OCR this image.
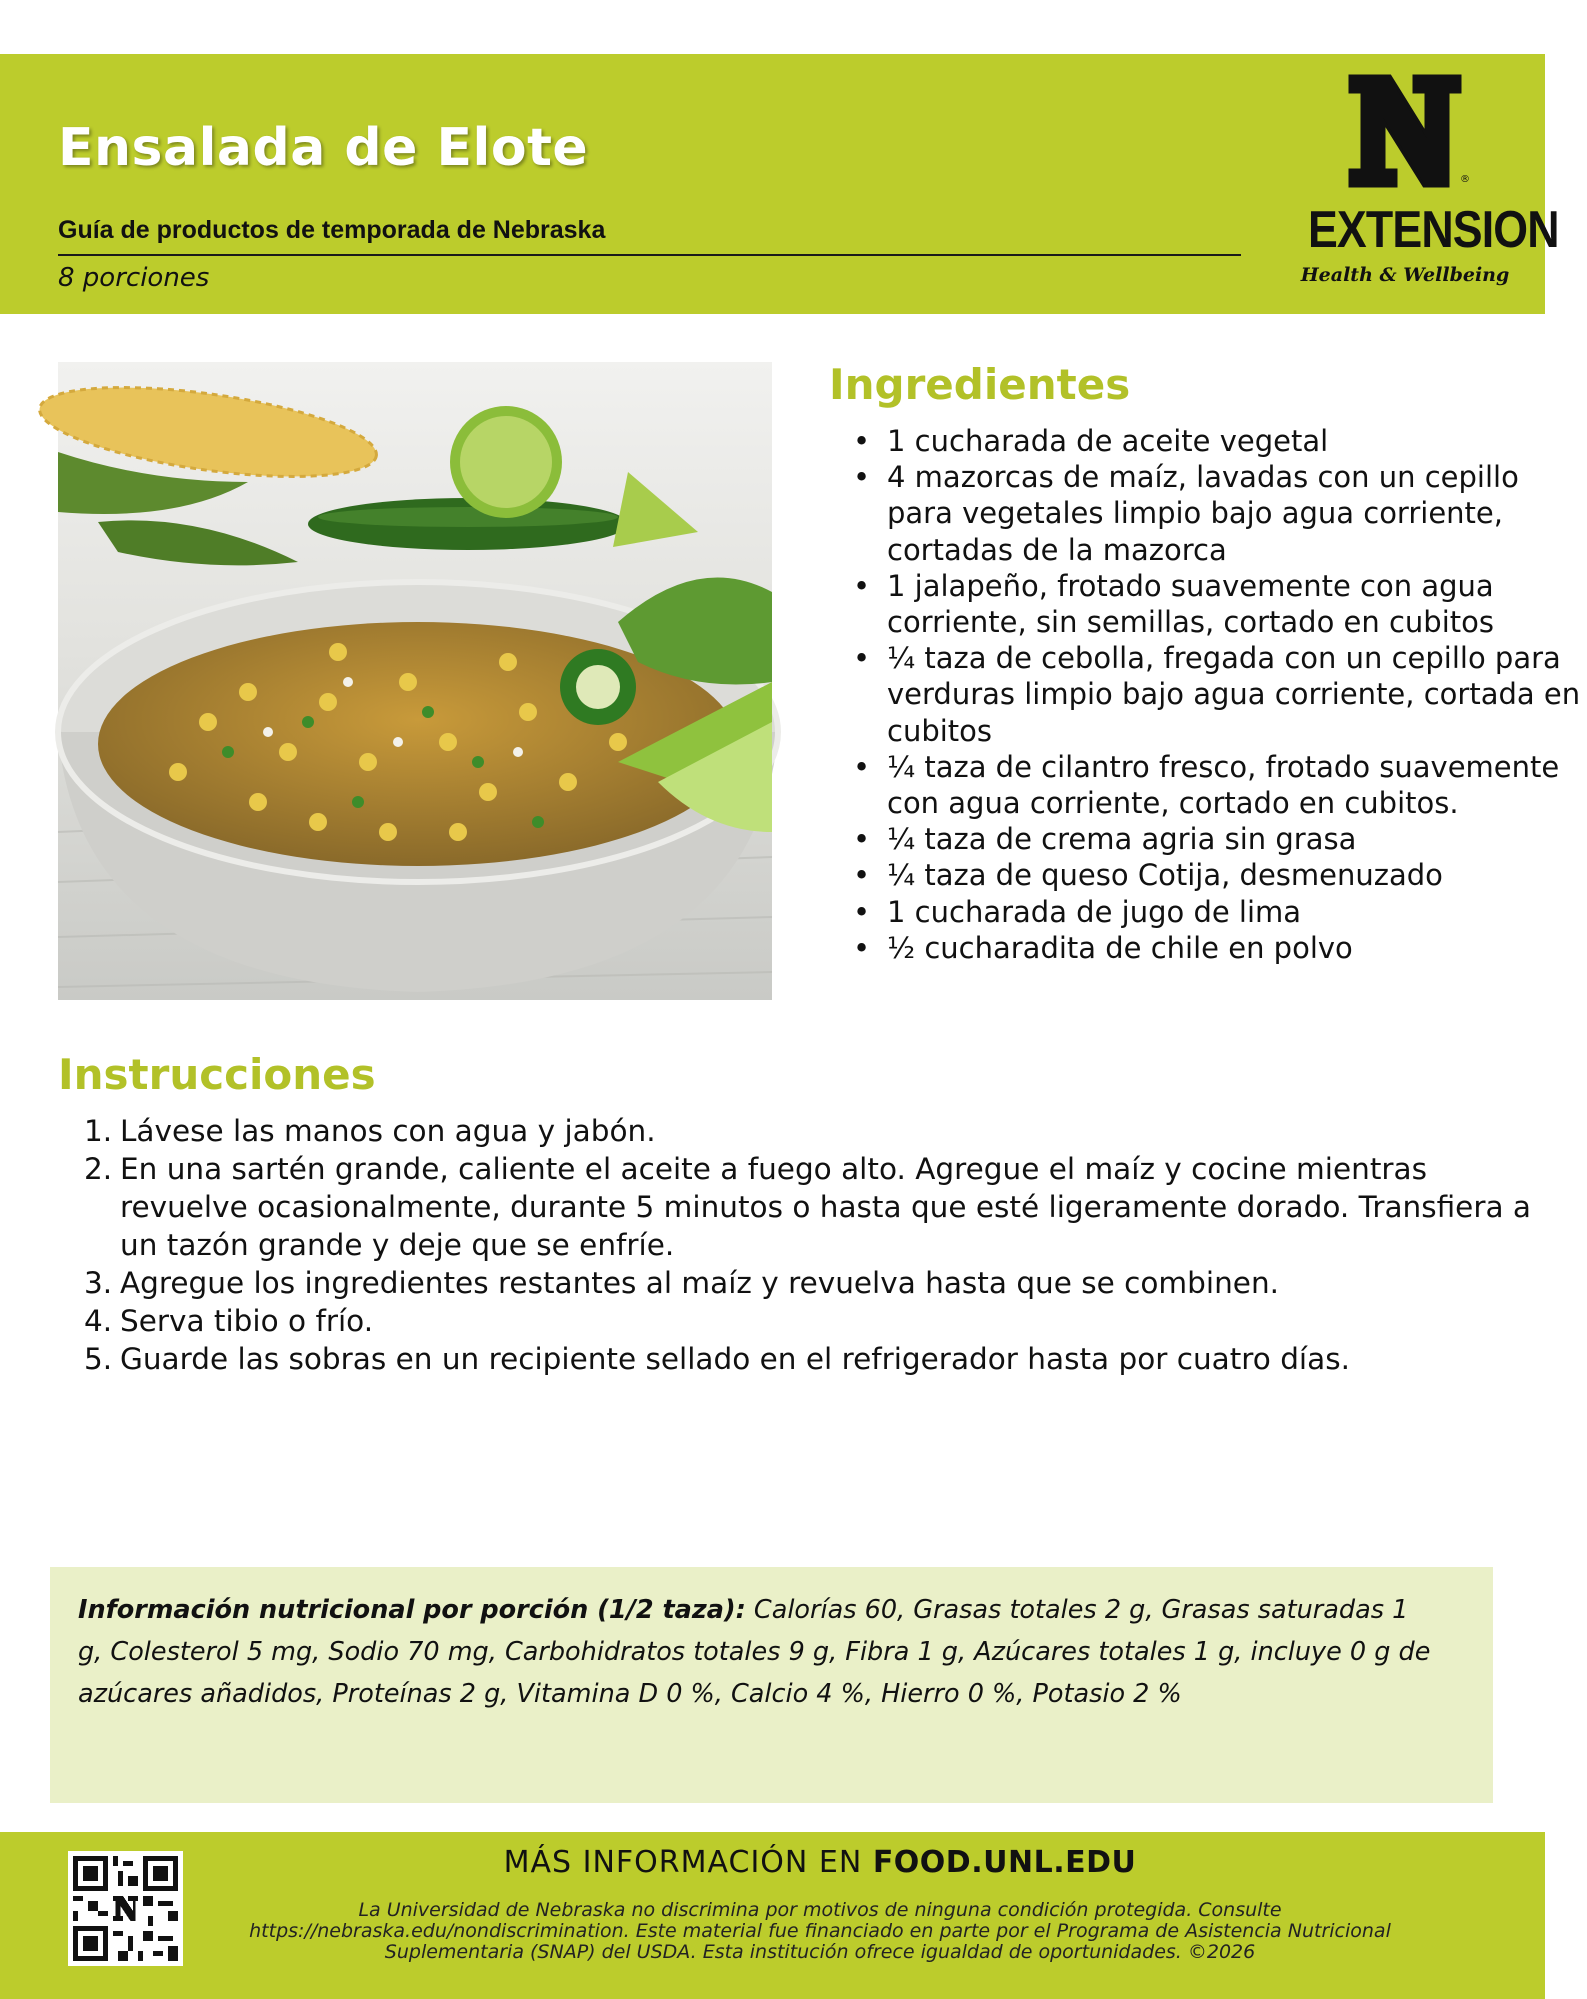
Ensalada de Elote
Guía de productos de temporada de Nebraska
8 porciones
®
EXTENSION
Health & Wellbeing
Ingredientes
• 1 cucharada de aceite vegetal
• 4 mazorcas de maíz, lavadas con un cepillo para vegetales limpio bajo agua corriente, cortadas de la mazorca
• 1 jalapeño, frotado suavemente con agua corriente, sin semillas, cortado en cubitos
• ¼ taza de cebolla, fregada con un cepillo para verduras limpio bajo agua corriente, cortada en cubitos
• ¼ taza de cilantro fresco, frotado suavemente con agua corriente, cortado en cubitos.
• ¼ taza de crema agria sin grasa
• ¼ taza de queso Cotija, desmenuzado
• 1 cucharada de jugo de lima
• ½ cucharadita de chile en polvo
Instrucciones
1. Lávese las manos con agua y jabón.
2. En una sartén grande, caliente el aceite a fuego alto. Agregue el maíz y cocine mientras revuelve ocasionalmente, durante 5 minutos o hasta que esté ligeramente dorado. Transfiera a un tazón grande y deje que se enfríe.
3. Agregue los ingredientes restantes al maíz y revuelva hasta que se combinen.
4. Serva tibio o frío.
5. Guarde las sobras en un recipiente sellado en el refrigerador hasta por cuatro días.

Información nutricional por porción (1/2 taza): Calorías 60, Grasas totales 2 g, Grasas saturadas 1 g, Colesterol 5 mg, Sodio 70 mg, Carbohidratos totales 9 g, Fibra 1 g, Azúcares totales 1 g, incluye 0 g de azúcares añadidos, Proteínas 2 g, Vitamina D 0 %, Calcio 4 %, Hierro 0 %, Potasio 2 %

MÁS INFORMACIÓN EN FOOD.UNL.EDU
La Universidad de Nebraska no discrimina por motivos de ninguna condición protegida. Consulte https://nebraska.edu/nondiscrimination. Este material fue financiado en parte por el Programa de Asistencia Nutricional Suplementaria (SNAP) del USDA. Esta institución ofrece igualdad de oportunidades. ©2026
